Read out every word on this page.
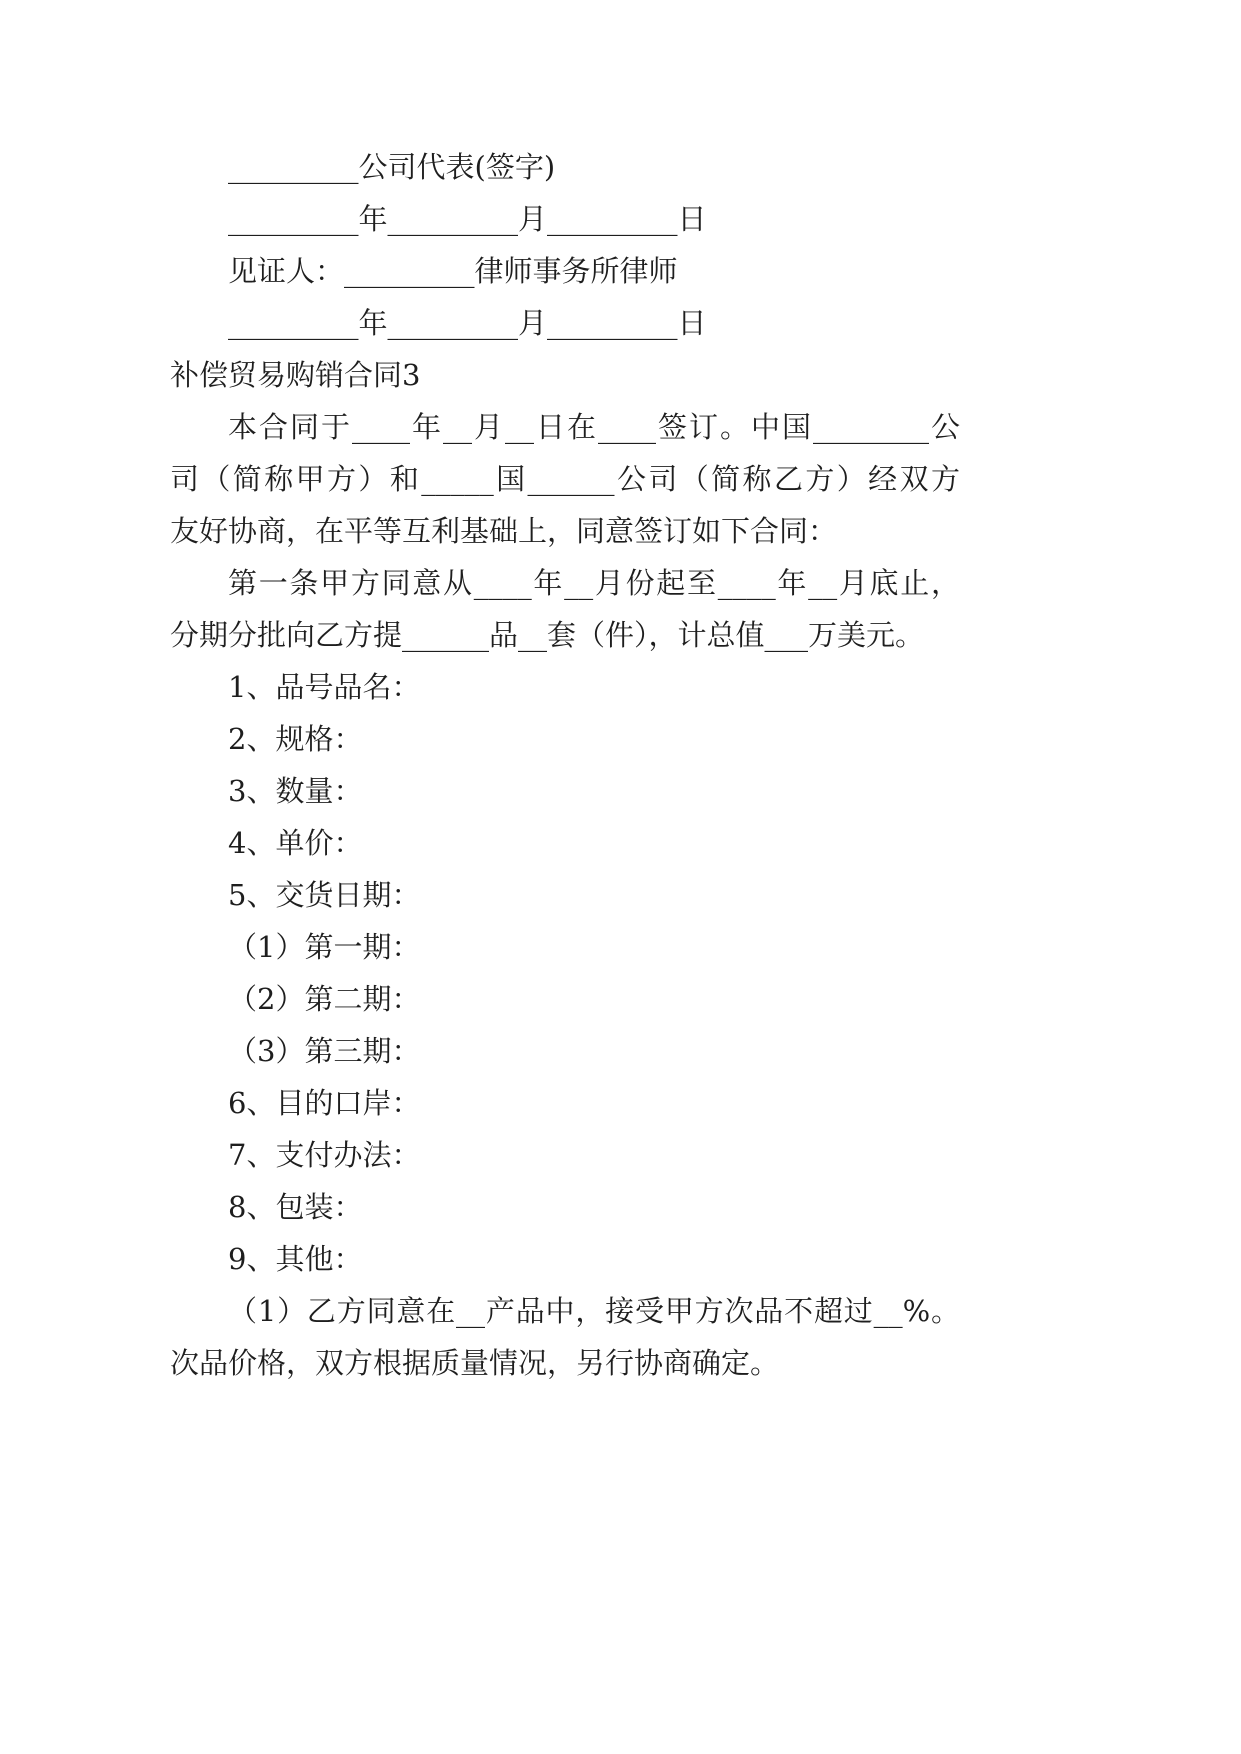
_________公司代表(签字)
_________年_________月_________日
见证人：_________律师事务所律师
_________年_________月_________日
补偿贸易购销合同3
本合同于____年__月__日在____签订。中国________公
司（简称甲方）和_____国______公司（简称乙方）经双方
友好协商，在平等互利基础上，同意签订如下合同：
第一条甲方同意从____年__月份起至____年__月底止，
分期分批向乙方提______品__套（件），计总值___万美元。
1、品号品名：
2、规格：
3、数量：
4、单价：
5、交货日期：
（1）第一期：
（2）第二期：
（3）第三期：
6、目的口岸：
7、支付办法：
8、包装：
9、其他：
（1）乙方同意在__产品中，接受甲方次品不超过__%。
次品价格，双方根据质量情况，另行协商确定。
